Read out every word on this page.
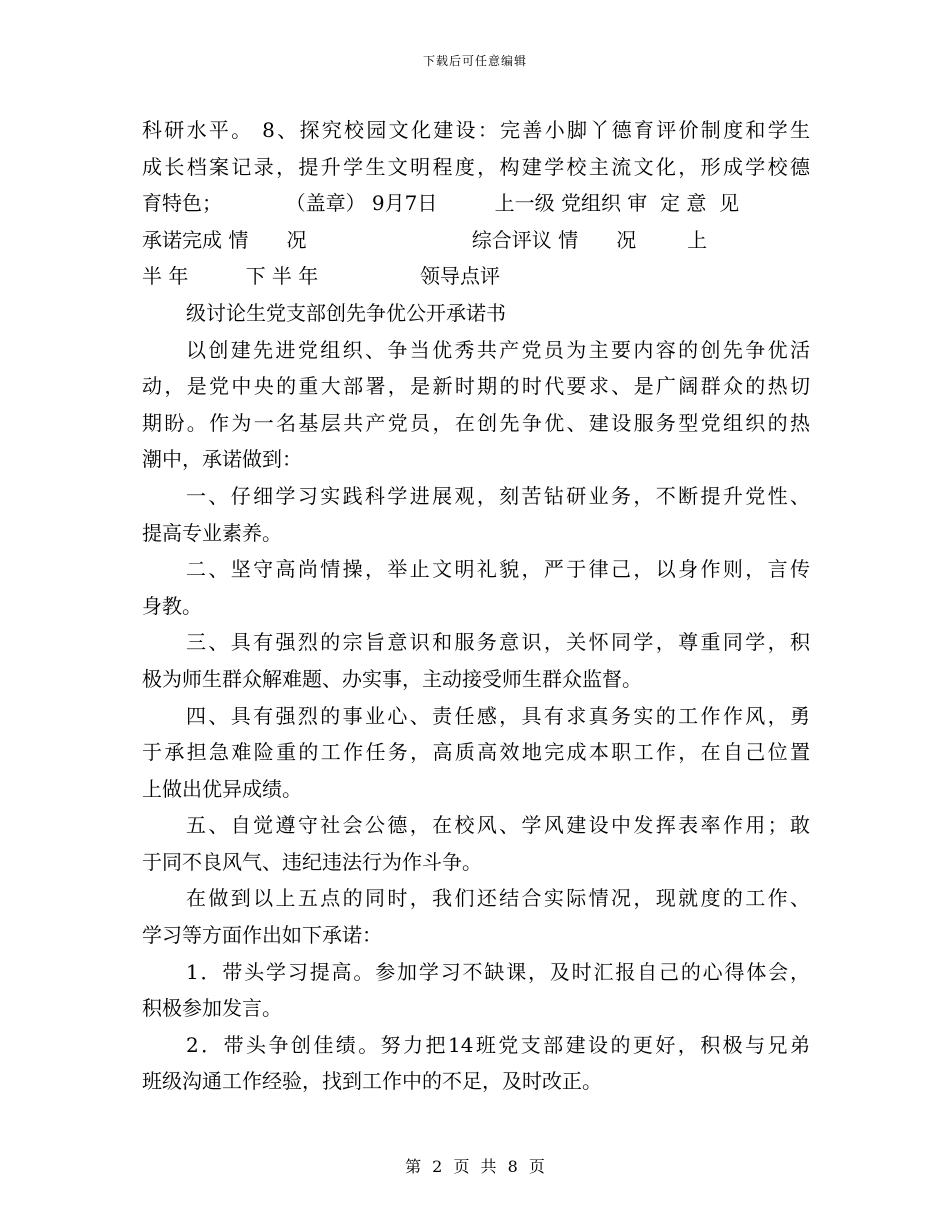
下载后可任意编辑
科研水平。 8、探究校园文化建设：完善小脚丫德育评价制度和学生
成长档案记录，提升学生文明程度，构建学校主流文化，形成学校德
育特色；          （盖章） 9月7日         上一级 党组织 审  定 意  见
承诺完成 情      况                          综合评议 情      况        上
半 年         下 半 年                领导点评
级讨论生党支部创先争优公开承诺书
以创建先进党组织、争当优秀共产党员为主要内容的创先争优活
动，是党中央的重大部署，是新时期的时代要求、是广阔群众的热切
期盼。作为一名基层共产党员，在创先争优、建设服务型党组织的热
潮中，承诺做到：
一、仔细学习实践科学进展观，刻苦钻研业务，不断提升党性、
提高专业素养。
二、坚守高尚情操，举止文明礼貌，严于律己，以身作则，言传
身教。
三、具有强烈的宗旨意识和服务意识，关怀同学，尊重同学，积
极为师生群众解难题、办实事，主动接受师生群众监督。
四、具有强烈的事业心、责任感，具有求真务实的工作作风，勇
于承担急难险重的工作任务，高质高效地完成本职工作，在自己位置
上做出优异成绩。
五、自觉遵守社会公德，在校风、学风建设中发挥表率作用；敢
于同不良风气、违纪违法行为作斗争。
在做到以上五点的同时，我们还结合实际情况，现就度的工作、
学习等方面作出如下承诺：
1．带头学习提高。参加学习不缺课，及时汇报自己的心得体会，
积极参加发言。
2．带头争创佳绩。努力把14班党支部建设的更好，积极与兄弟
班级沟通工作经验，找到工作中的不足，及时改正。
第 2 页 共 8 页
